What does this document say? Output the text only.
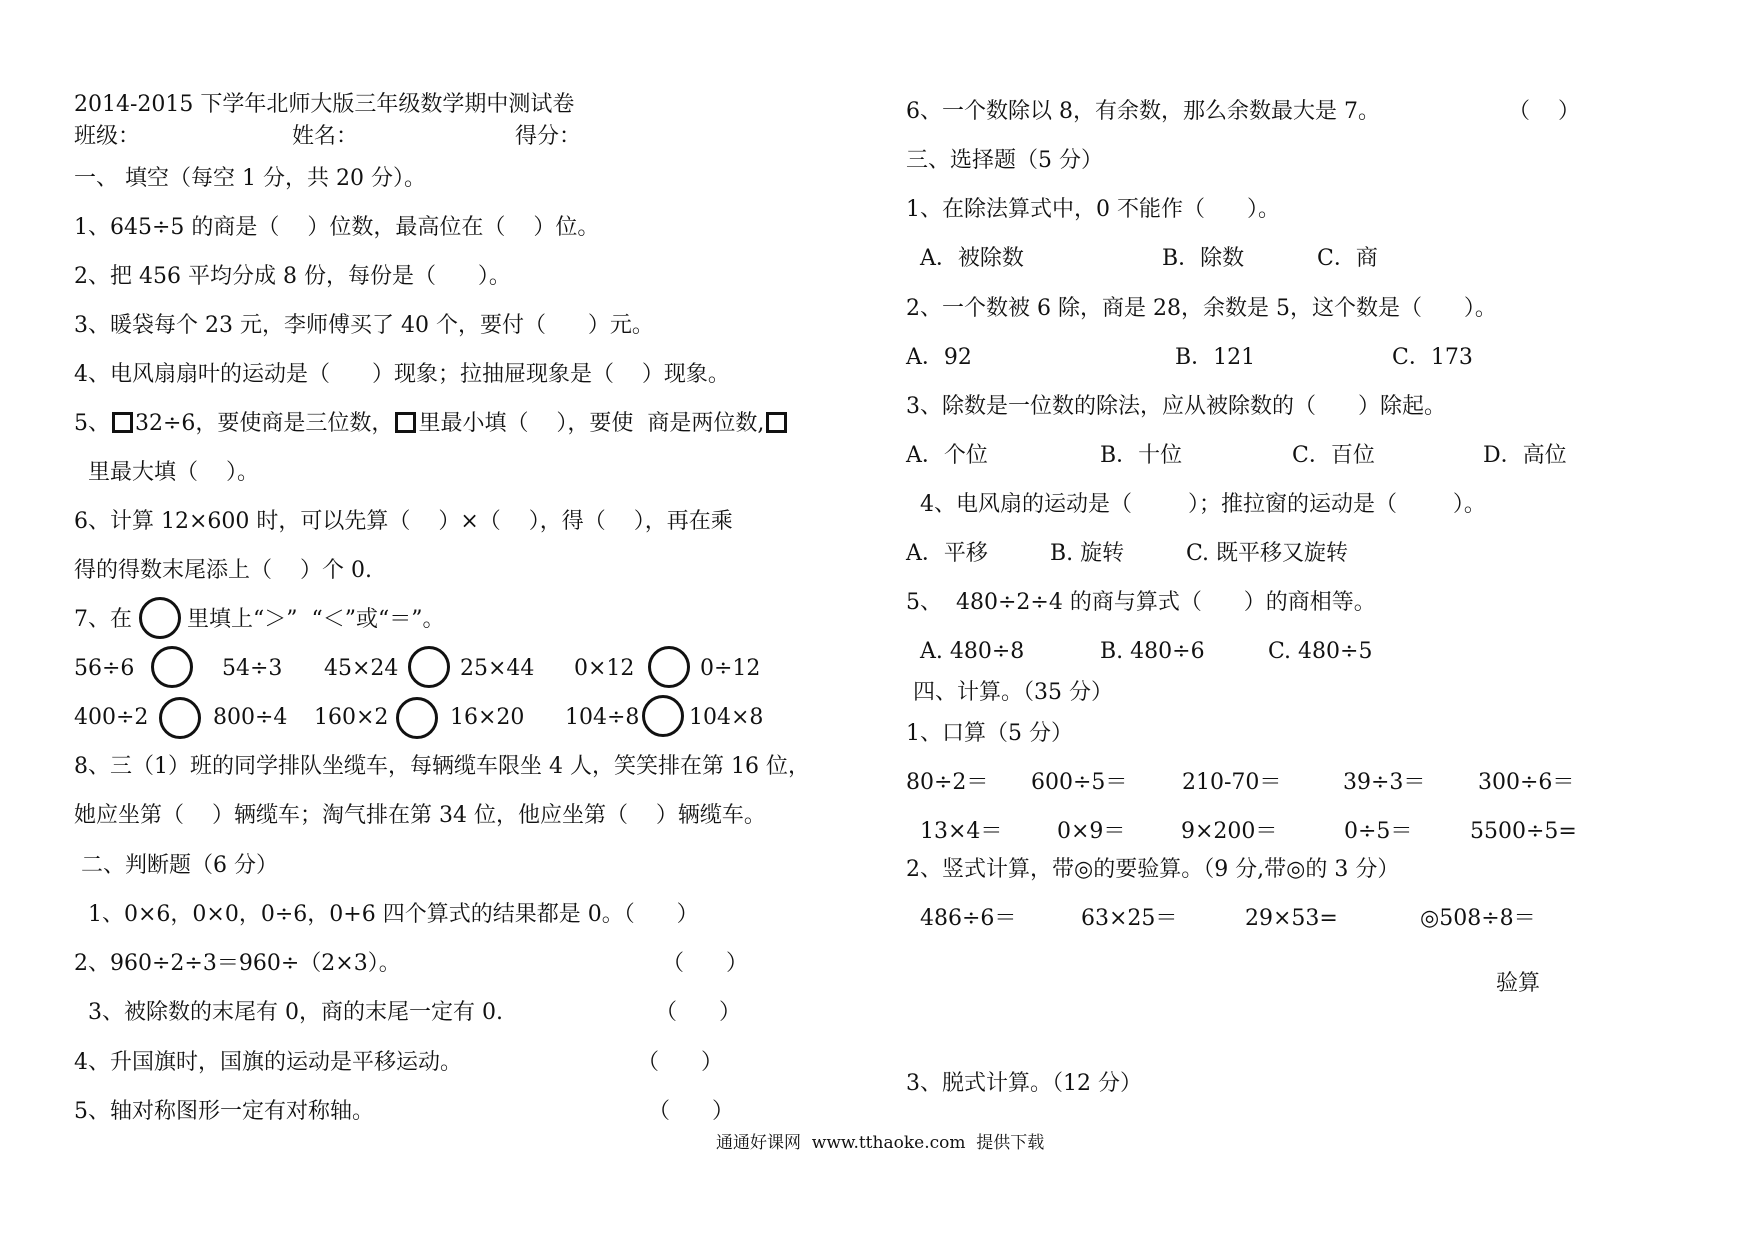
2014-2015 下学年北师大版三年级数学期中测试卷
班级：	姓名：	得分：
一、 填空（每空 1 分，共 20 分）。
1、645÷5 的商是（    ）位数，最高位在（    ）位。
2、把 456 平均分成 8 份，每份是（      ）。
3、暖袋每个 23 元，李师傅买了 40 个，要付（      ）元。
4、电风扇扇叶的运动是（      ）现象；拉抽屉现象是（    ）现象。
5、 32÷6，要使商是三位数， 里最小填（    ），要使  商是两位数,
里最大填（    ）。
6、计算 12×600 时，可以先算（    ）×（    ），得（    ），再在乘
得的得数末尾添上（    ）个 0.
7、在	里填上“＞”  “＜”或“＝”。
56÷6	54÷3 45×24	25×44 0×12	0÷12
400÷2	800÷4 160×2	16×20 104÷8 104×8
8、三（1）班的同学排队坐缆车，每辆缆车限坐 4 人，笑笑排在第 16 位，
她应坐第（    ）辆缆车；淘气排在第 34 位，他应坐第（    ）辆缆车。
二、判断题（6 分）
1、0×6，0×0，0÷6，0+6 四个算式的结果都是 0。（      ）
2、960÷2÷3＝960÷（2×3）。	（      ）
3、被除数的末尾有 0，商的末尾一定有 0.	（      ）
4、升国旗时，国旗的运动是平移运动。	（      ）
5、轴对称图形一定有对称轴。	（      ）
6、一个数除以 8，有余数，那么余数最大是 7。	（    ）
三、选择题（5 分）
1、在除法算式中，0 不能作（      ）。
A．被除数	B．除数	C．商
2、一个数被 6 除，商是 28，余数是 5，这个数是（      ）。
A．92	B．121	C．173
3、除数是一位数的除法，应从被除数的（      ）除起。
A．个位	B．十位	C．百位	D．高位
4、电风扇的运动是（        ）；推拉窗的运动是（        ）。
A．平移	B. 旋转	C. 既平移又旋转
5、  480÷2÷4 的商与算式（      ）的商相等。
A. 480÷8	B. 480÷6	C. 480÷5
四、计算。（35 分）
1、口算（5 分）
80÷2＝ 600÷5＝ 210-70＝	39÷3＝ 300÷6＝
13×4＝ 0×9＝	9×200＝	0÷5＝	5500÷5=
2、竖式计算，带◎的要验算。（9 分,带◎的 3 分）
486÷6＝	63×25＝	29×53=	◎508÷8＝
验算
3、脱式计算。（12 分）
通通好课网  www.tthaoke.com  提供下载
